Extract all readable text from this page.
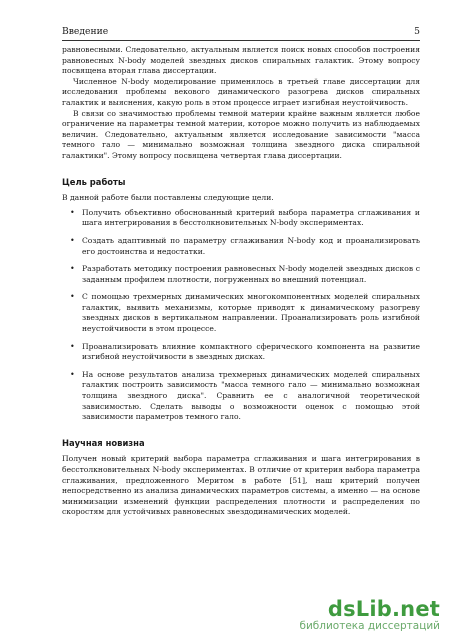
Введение	5

равновесными. Следовательно, актуальным является поиск новых способов построения равновесных N-body моделей звездных дисков спиральных галактик. Этому вопросу посвящена вторая глава диссертации.

Численное N-body моделирование применялось в третьей главе диссертации для исследования проблемы векового динамического разогрева дисков спиральных галактик и выяснения, какую роль в этом процессе играет изгибная неустойчивость.

В связи со значимостью проблемы темной материи крайне важным является любое ограничение на параметры темной материи, которое можно получить из наблюдаемых величин. Следовательно, актуальным является исследование зависимости "масса темного гало — минимально возможная толщина звездного диска спиральной галактики". Этому вопросу посвящена четвертая глава диссертации.

Цель работы

В данной работе были поставлены следующие цели.

• Получить объективно обоснованный критерий выбора параметра сглаживания и шага интегрирования в бесстолкновительных N-body экспериментах.
• Создать адаптивный по параметру сглаживания N-body код и проанализировать его достоинства и недостатки.
• Разработать методику построения равновесных N-body моделей звездных дисков с заданным профилем плотности, погруженных во внешний потенциал.
• С помощью трехмерных динамических многокомпонентных моделей спиральных галактик, выявить механизмы, которые приводят к динамическому разогреву звездных дисков в вертикальном направлении. Проанализировать роль изгибной неустойчивости в этом процессе.
• Проанализировать влияние компактного сферического компонента на развитие изгибной неустойчивости в звездных дисках.
• На основе результатов анализа трехмерных динамических моделей спиральных галактик построить зависимость "масса темного гало — минимально возможная толщина звездного диска". Сравнить ее с аналогичной теоретической зависимостью. Сделать выводы о возможности оценок с помощью этой зависимости параметров темного гало.
Научная новизна

Получен новый критерий выбора параметра сглаживания и шага интегрирования в бесстолкновительных N-body экспериментах. В отличие от критерия выбора параметра сглаживания, предложенного Меритом в работе [51], наш критерий получен непосредственно из анализа динамических параметров системы, а именно — на основе минимизации изменений функции распределения плотности и распределения по скоростям для устойчивых равновесных звездодинамических моделей.

dsLib.net
библиотека диссертаций
